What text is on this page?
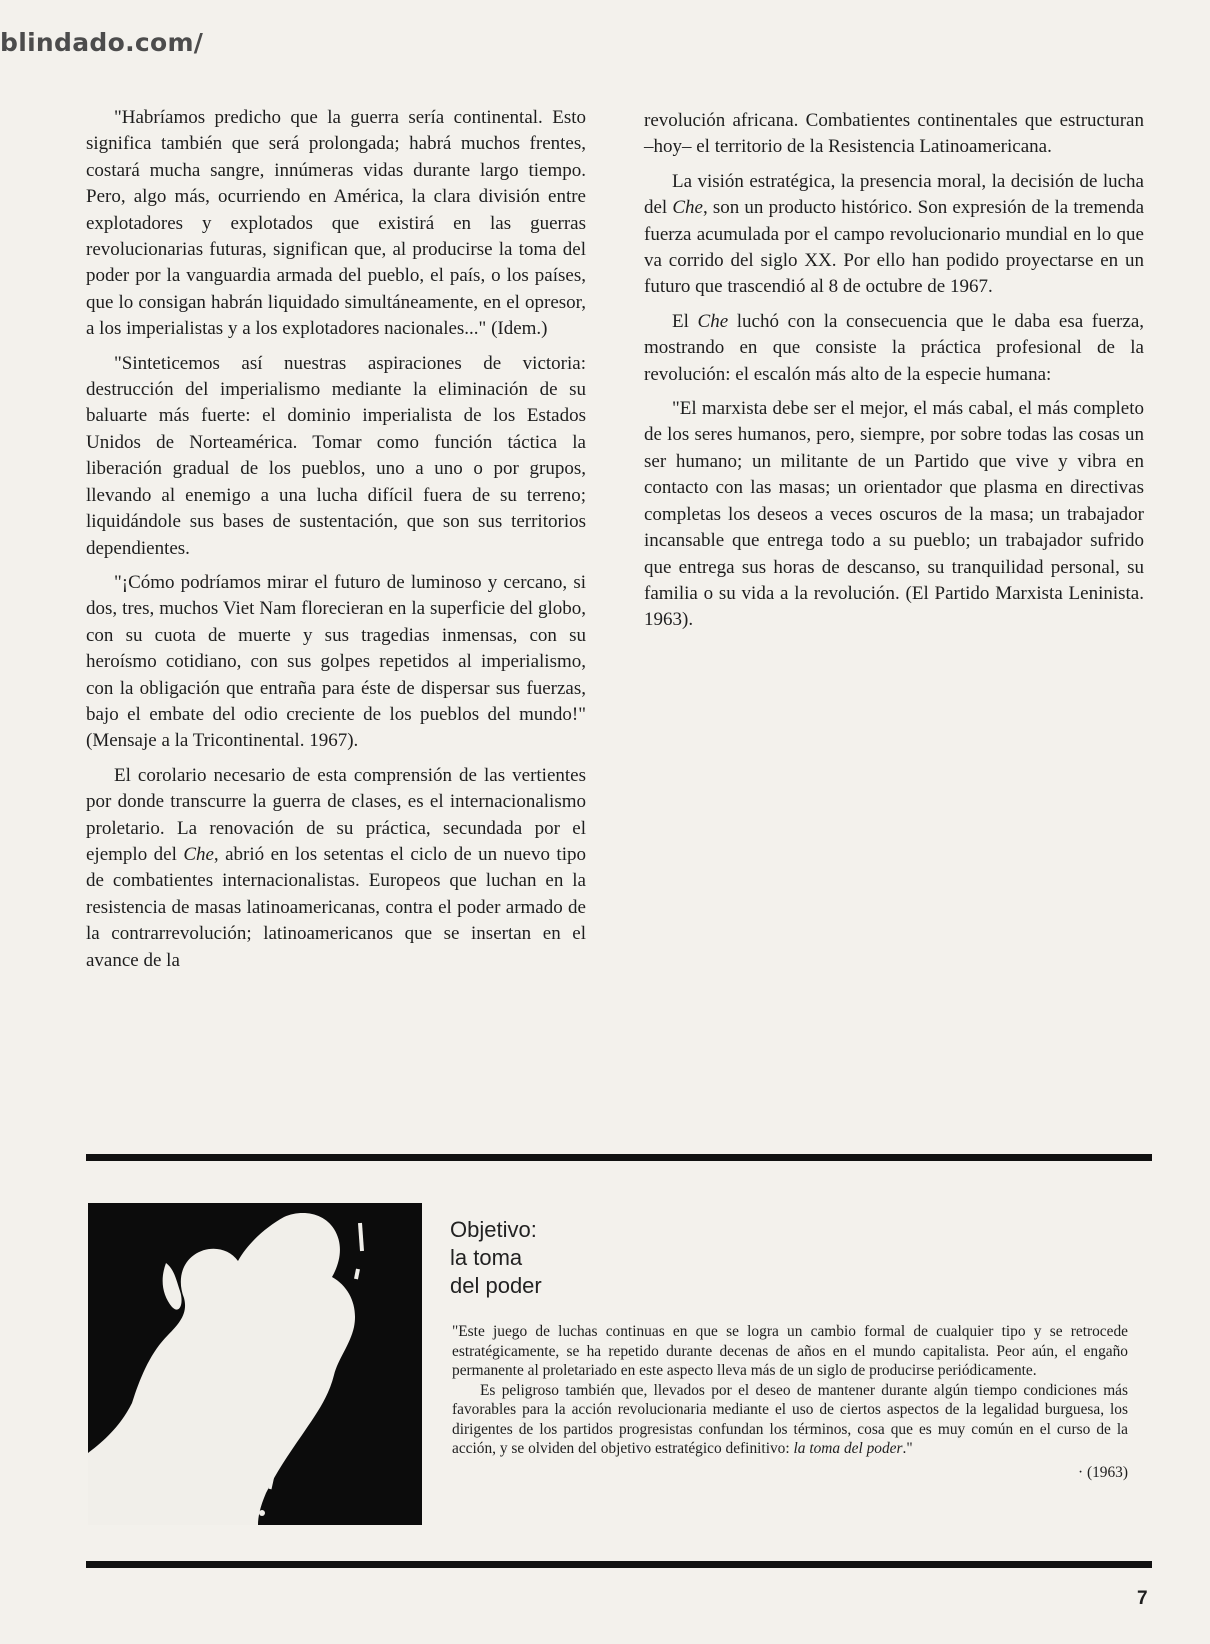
blindado.com/

"Habríamos predicho que la guerra sería continental. Esto significa también que será prolongada; habrá muchos frentes, costará mucha sangre, innúmeras vidas durante largo tiempo. Pero, algo más, ocurriendo en América, la clara división entre explotadores y explotados que existirá en las guerras revolucionarias futuras, significan que, al producirse la toma del poder por la vanguardia armada del pueblo, el país, o los países, que lo consigan habrán liquidado simultáneamente, en el opresor, a los imperialistas y a los explotadores nacionales..." (Idem.)

"Sinteticemos así nuestras aspiraciones de victoria: destrucción del imperialismo mediante la eliminación de su baluarte más fuerte: el dominio imperialista de los Estados Unidos de Norteamérica. Tomar como función táctica la liberación gradual de los pueblos, uno a uno o por grupos, llevando al enemigo a una lucha difícil fuera de su terreno; liquidándole sus bases de sustentación, que son sus territorios dependientes.

"¡Cómo podríamos mirar el futuro de luminoso y cercano, si dos, tres, muchos Viet Nam florecieran en la superficie del globo, con su cuota de muerte y sus tragedias inmensas, con su heroísmo cotidiano, con sus golpes repetidos al imperialismo, con la obligación que entraña para éste de dispersar sus fuerzas, bajo el embate del odio creciente de los pueblos del mundo!" (Mensaje a la Tricontinental. 1967).

El corolario necesario de esta comprensión de las vertientes por donde transcurre la guerra de clases, es el internacionalismo proletario. La renovación de su práctica, secundada por el ejemplo del Che, abrió en los setentas el ciclo de un nuevo tipo de combatientes internacionalistas. Europeos que luchan en la resistencia de masas latinoamericanas, contra el poder armado de la contrarrevolución; latinoamericanos que se insertan en el avance de la

revolución africana. Combatientes continentales que estructuran –hoy– el territorio de la Resistencia Latinoamericana.

La visión estratégica, la presencia moral, la decisión de lucha del Che, son un producto histórico. Son expresión de la tremenda fuerza acumulada por el campo revolucionario mundial en lo que va corrido del siglo XX. Por ello han podido proyectarse en un futuro que trascendió al 8 de octubre de 1967.

El Che luchó con la consecuencia que le daba esa fuerza, mostrando en que consiste la práctica profesional de la revolución: el escalón más alto de la especie humana:

"El marxista debe ser el mejor, el más cabal, el más completo de los seres humanos, pero, siempre, por sobre todas las cosas un ser humano; un militante de un Partido que vive y vibra en contacto con las masas; un orientador que plasma en directivas completas los deseos a veces oscuros de la masa; un trabajador incansable que entrega todo a su pueblo; un trabajador sufrido que entrega sus horas de descanso, su tranquilidad personal, su familia o su vida a la revolución. (El Partido Marxista Leninista. 1963).

Objetivo:
la toma
del poder

"Este juego de luchas continuas en que se logra un cambio formal de cualquier tipo y se retrocede estratégicamente, se ha repetido durante decenas de años en el mundo capitalista. Peor aún, el engaño permanente al proletariado en este aspecto lleva más de un siglo de producirse periódicamente.

Es peligroso también que, llevados por el deseo de mantener durante algún tiempo condiciones más favorables para la acción revolucionaria mediante el uso de ciertos aspectos de la legalidad burguesa, los dirigentes de los partidos progresistas confundan los términos, cosa que es muy común en el curso de la acción, y se olviden del objetivo estratégico definitivo: la toma del poder."

· (1963)
7
